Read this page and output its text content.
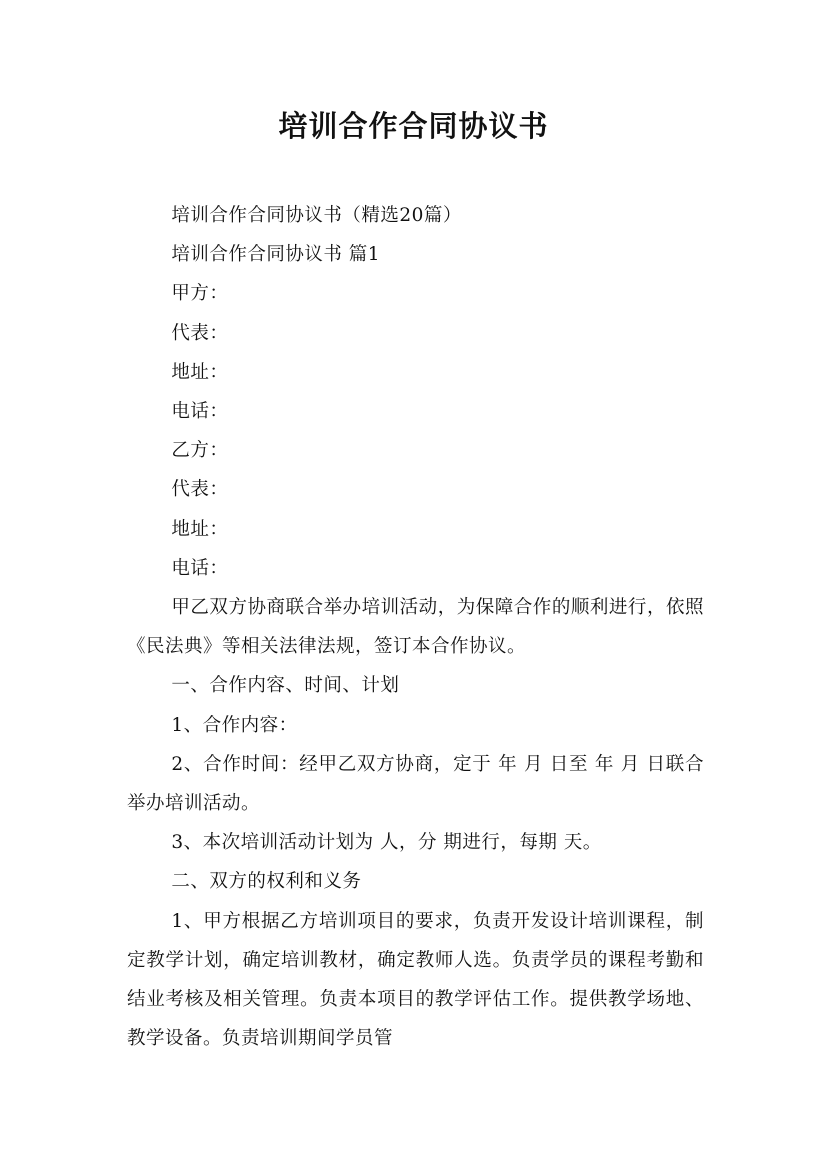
培训合作合同协议书

培训合作合同协议书（精选20篇）

培训合作合同协议书 篇1

甲方：

代表：

地址：

电话：

乙方：

代表：

地址：

电话：

甲乙双方协商联合举办培训活动，为保障合作的顺利进行，依照《民法典》等相关法律法规，签订本合作协议。

一、合作内容、时间、计划

1、合作内容：

2、合作时间：经甲乙双方协商，定于 年 月 日至 年 月 日联合举办培训活动。

3、本次培训活动计划为 人，分 期进行，每期 天。

二、双方的权利和义务

1、甲方根据乙方培训项目的要求，负责开发设计培训课程，制定教学计划，确定培训教材，确定教师人选。负责学员的课程考勤和结业考核及相关管理。负责本项目的教学评估工作。提供教学场地、教学设备。负责培训期间学员管
